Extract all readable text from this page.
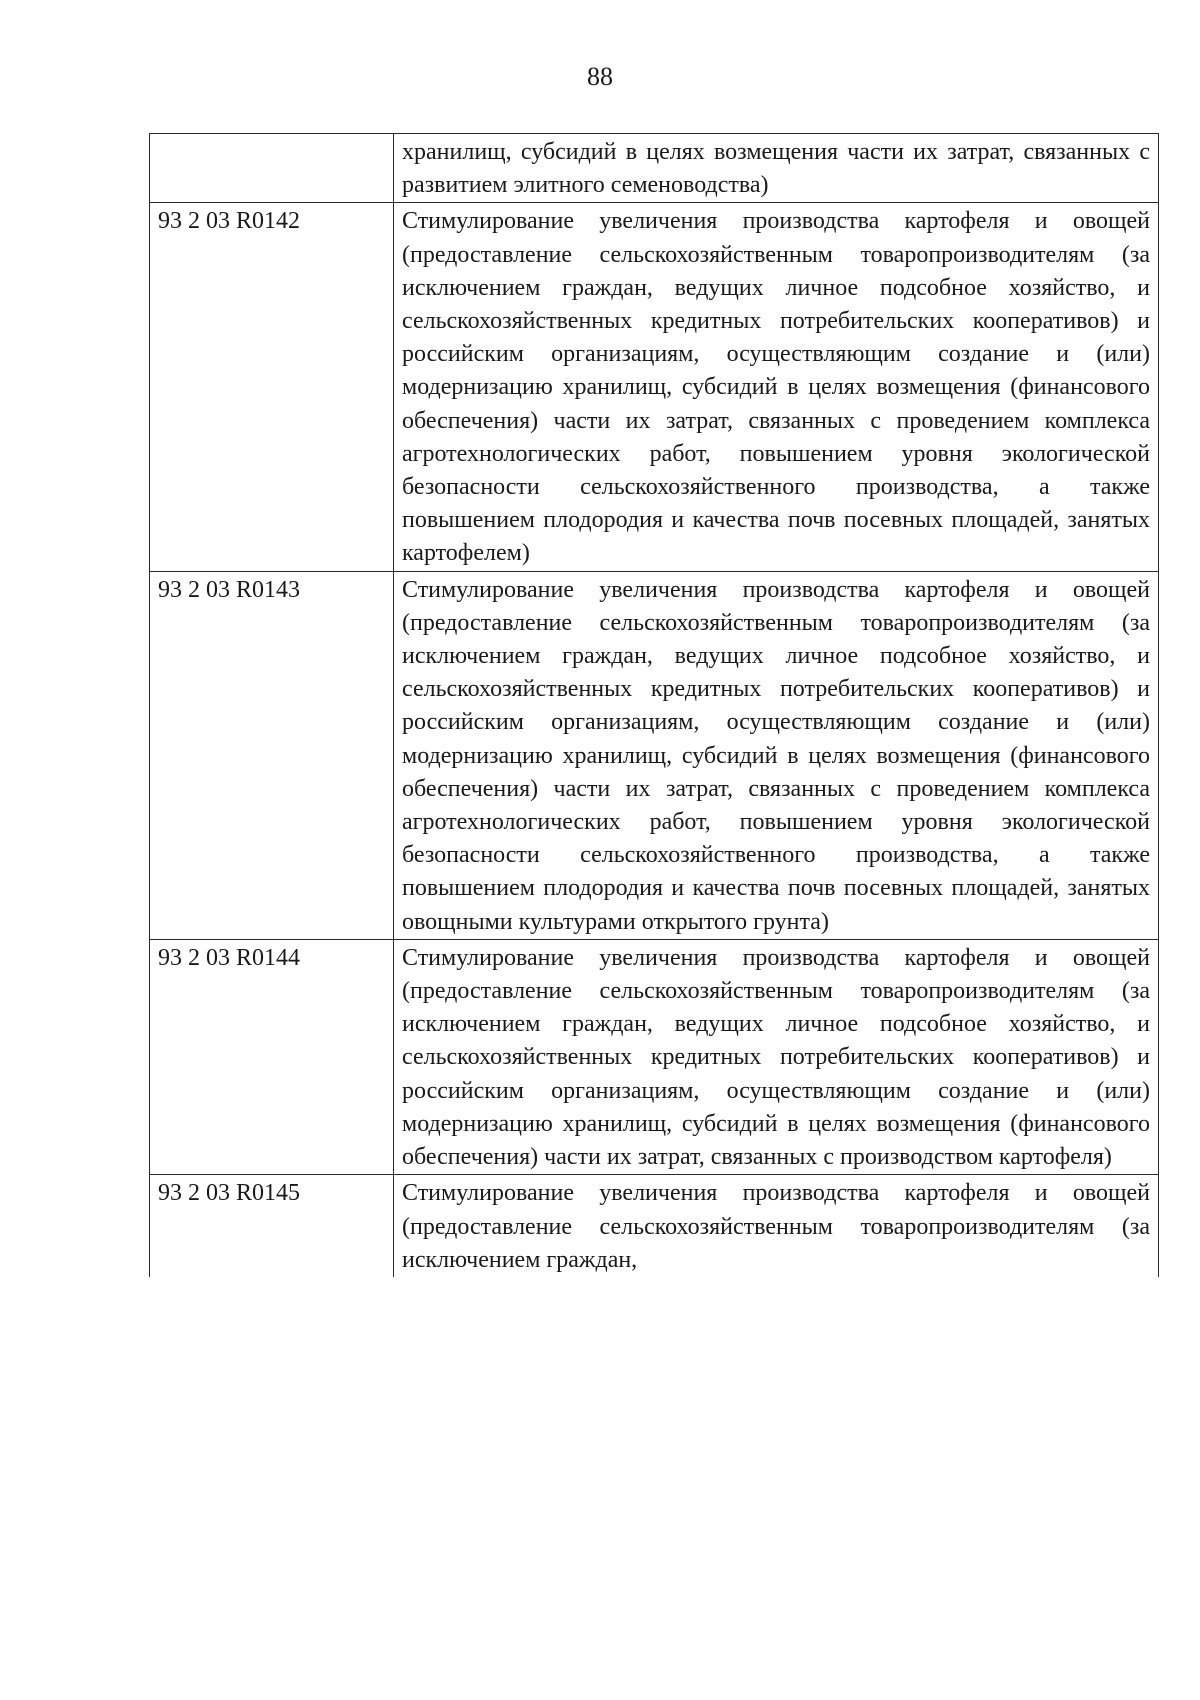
88
	хранилищ, субсидий в целях возмещения части их затрат, связанных с развитием элитного семеноводства)
93 2 03 R0142	Стимулирование увеличения производства картофеля и овощей (предоставление сельскохозяйственным товаропроизводителям (за исключением граждан, ведущих личное подсобное хозяйство, и сельскохозяйственных кредитных потребительских кооперативов) и российским организациям, осуществляющим создание и (или) модернизацию хранилищ, субсидий в целях возмещения (финансового обеспечения) части их затрат, связанных с проведением комплекса агротехнологических работ, повышением уровня экологической безопасности сельскохозяйственного производства, а также повышением плодородия и качества почв посевных площадей, занятых картофелем)
93 2 03 R0143	Стимулирование увеличения производства картофеля и овощей (предоставление сельскохозяйственным товаропроизводителям (за исключением граждан, ведущих личное подсобное хозяйство, и сельскохозяйственных кредитных потребительских кооперативов) и российским организациям, осуществляющим создание и (или) модернизацию хранилищ, субсидий в целях возмещения (финансового обеспечения) части их затрат, связанных с проведением комплекса агротехнологических работ, повышением уровня экологической безопасности сельскохозяйственного производства, а также повышением плодородия и качества почв посевных площадей, занятых овощными культурами открытого грунта)
93 2 03 R0144	Стимулирование увеличения производства картофеля и овощей (предоставление сельскохозяйственным товаропроизводителям (за исключением граждан, ведущих личное подсобное хозяйство, и сельскохозяйственных кредитных потребительских кооперативов) и российским организациям, осуществляющим создание и (или) модернизацию хранилищ, субсидий в целях возмещения (финансового обеспечения) части их затрат, связанных с производством картофеля)
93 2 03 R0145	Стимулирование увеличения производства картофеля и овощей (предоставление сельскохозяйственным товаропроизводителям (за исключением граждан,
